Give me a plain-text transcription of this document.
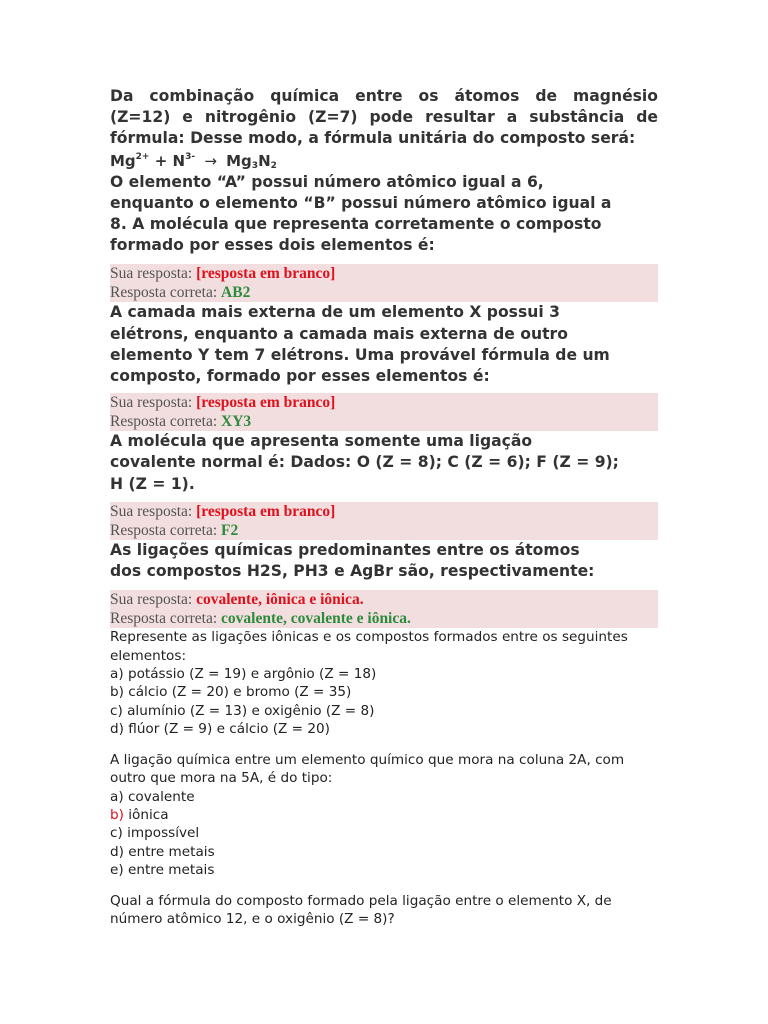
Da combinação química entre os átomos de magnésio

(Z=12) e nitrogênio (Z=7) pode resultar a substância de

fórmula: Desse modo, a fórmula unitária do composto será:

$Mg^{2+} + N^{3-} \to Mg_3N_2$

O elemento “A” possui número atômico igual a 6,

enquanto o elemento “B” possui número atômico igual a

8. A molécula que representa corretamente o composto

formado por esses dois elementos é:

Sua resposta: [resposta em branco]
Resposta correta: AB2

A camada mais externa de um elemento X possui 3

elétrons, enquanto a camada mais externa de outro

elemento Y tem 7 elétrons. Uma provável fórmula de um

composto, formado por esses elementos é:

Sua resposta: [resposta em branco]
Resposta correta: XY3

A molécula que apresenta somente uma ligação

covalente normal é: Dados: O (Z = 8); C (Z = 6); F (Z = 9);

H (Z = 1).

Sua resposta: [resposta em branco]
Resposta correta: F2

As ligações químicas predominantes entre os átomos

dos compostos H2S, PH3 e AgBr são, respectivamente:

Sua resposta: covalente, iônica e iônica.
Resposta correta: covalente, covalente e iônica.

Represente as ligações iônicas e os compostos formados entre os seguintes

elementos:

a) potássio (Z = 19) e argônio (Z = 18)

b) cálcio (Z = 20) e bromo (Z = 35)

c) alumínio (Z = 13) e oxigênio (Z = 8)

d) flúor (Z = 9) e cálcio (Z = 20)

A ligação química entre um elemento químico que mora na coluna 2A, com

outro que mora na 5A, é do tipo:

a) covalente

b) iônica

c) impossível

d) entre metais

e) entre metais

Qual a fórmula do composto formado pela ligação entre o elemento X, de

número atômico 12, e o oxigênio (Z = 8)?
